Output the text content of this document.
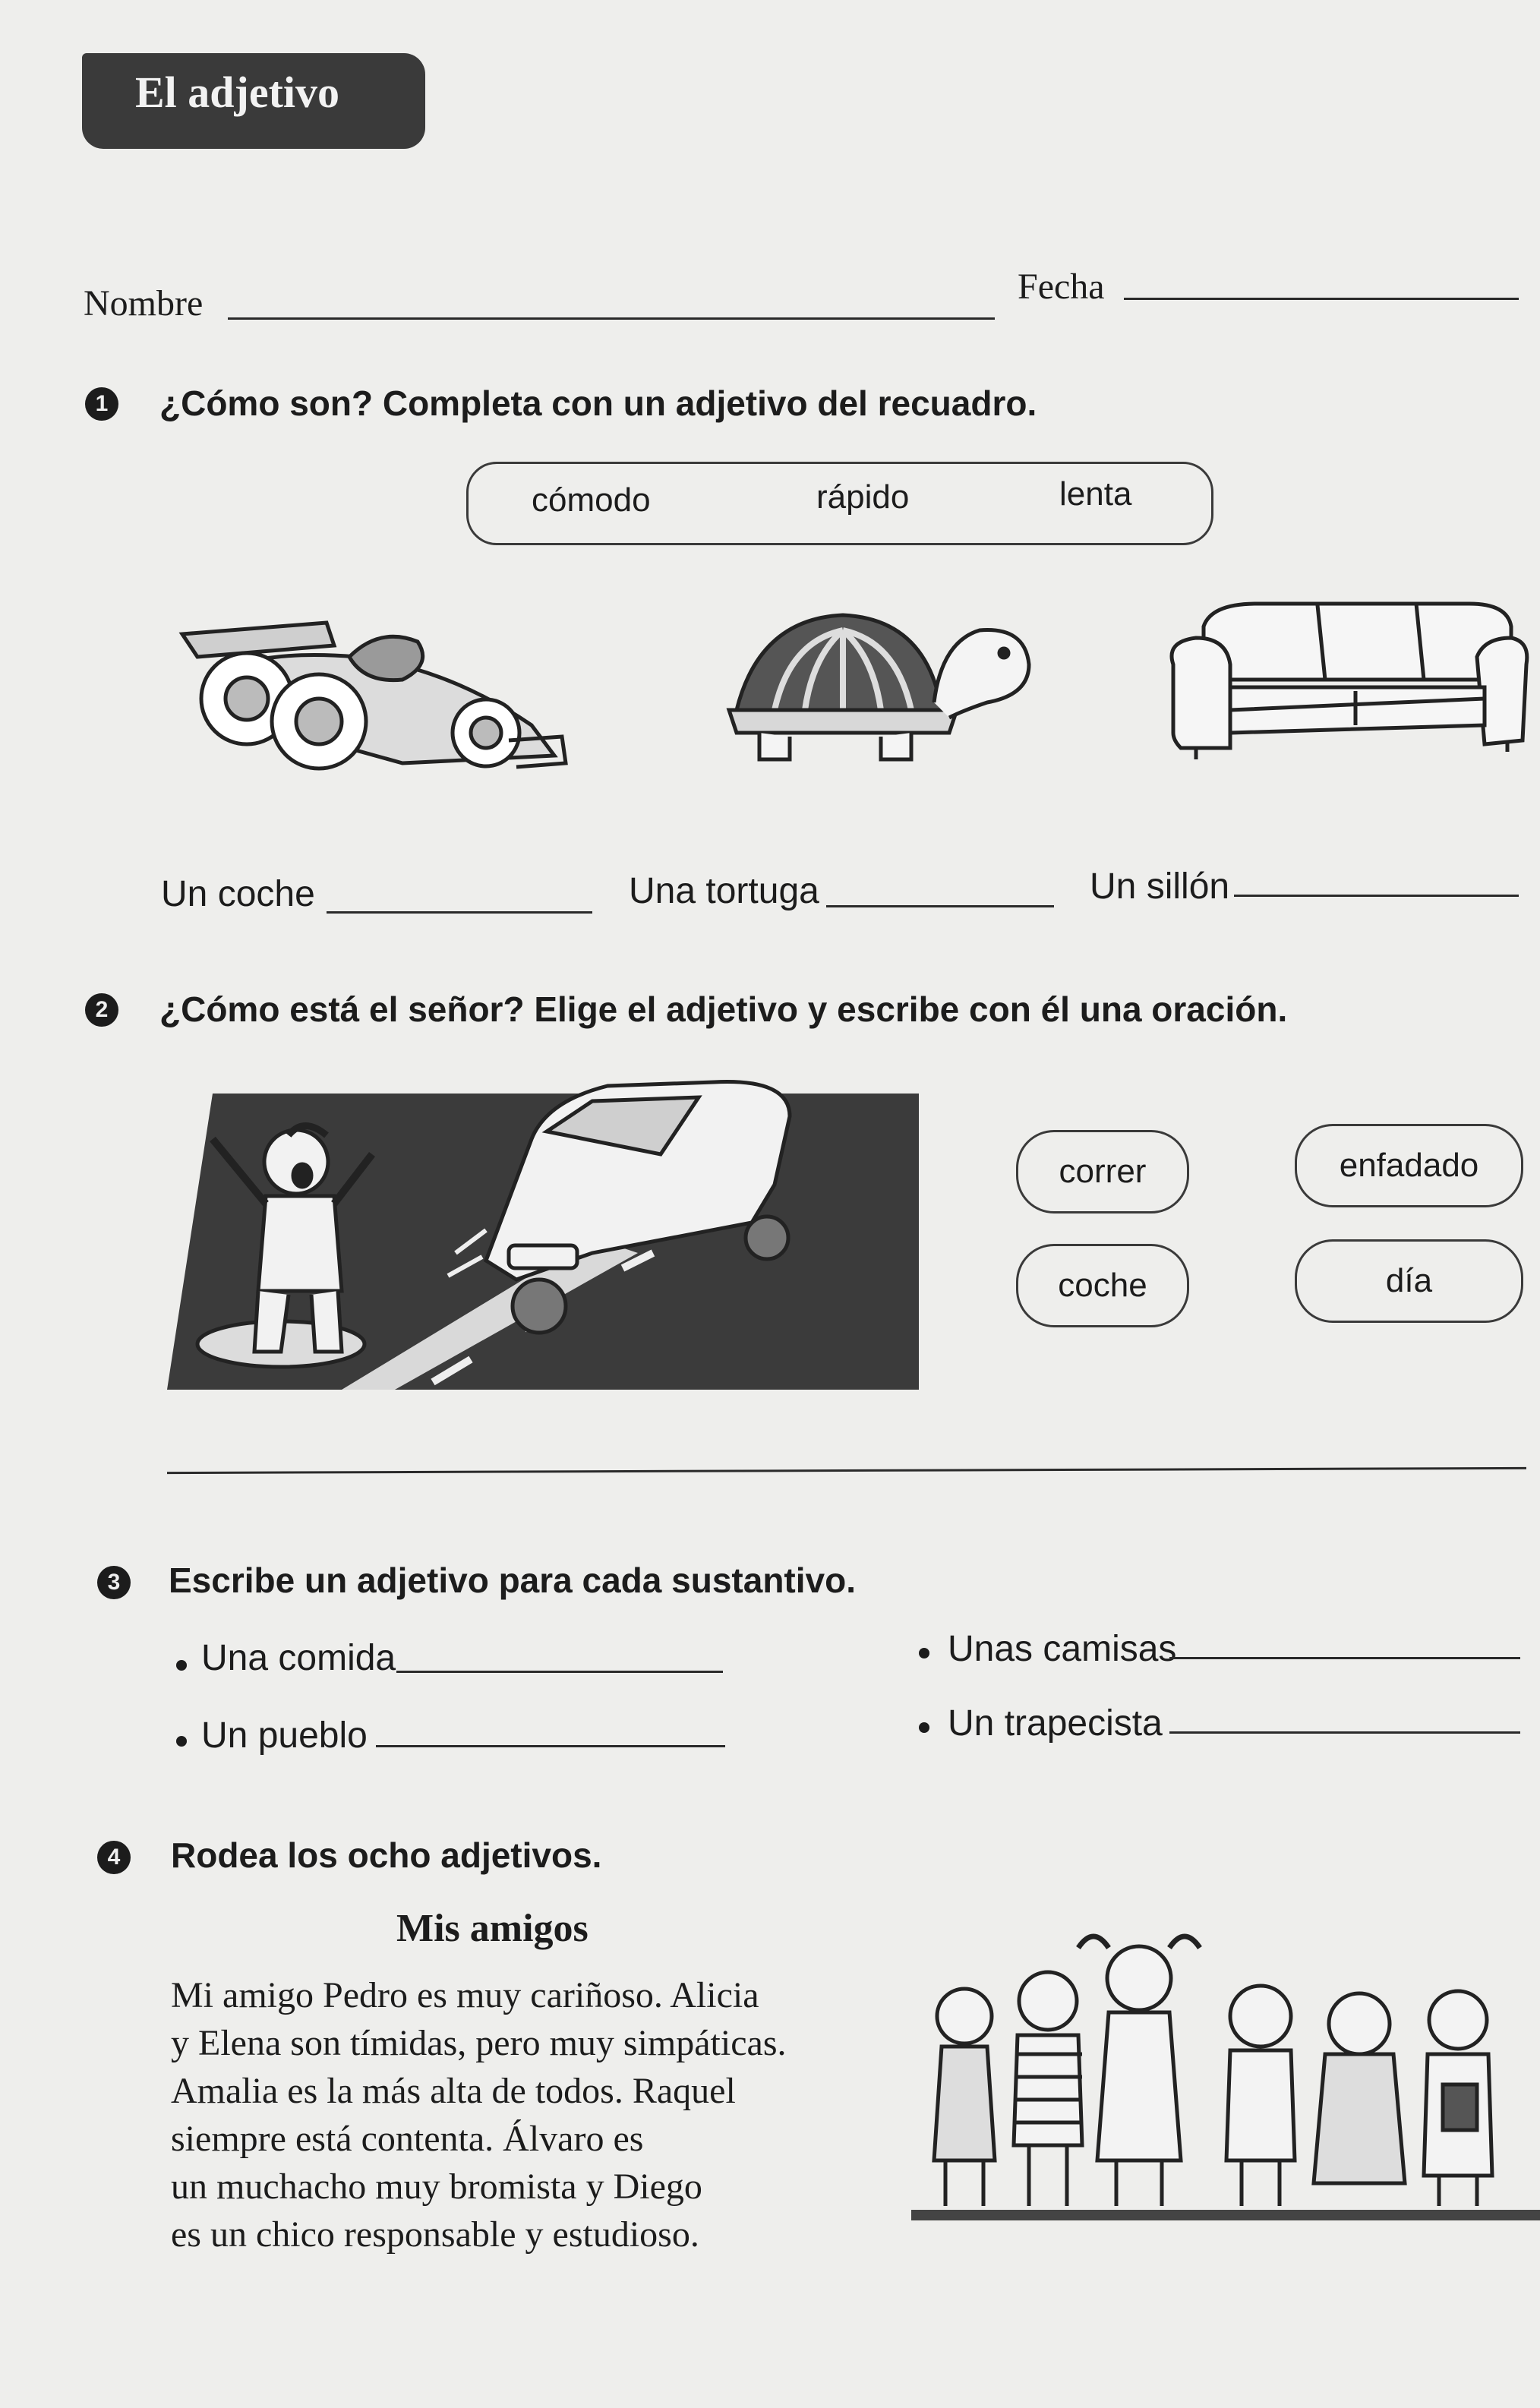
El adjetivo
Nombre	Fecha
1 ¿Cómo son? Completa con un adjetivo del recuadro.
cómodo	rápido	lenta
Un coche	Una tortuga	Un sillón
2 ¿Cómo está el señor? Elige el adjetivo y escribe con él una oración.
correr	enfadado
coche	día
3 Escribe un adjetivo para cada sustantivo.
Una comida	Unas camisas
Un pueblo	Un trapecista
4 Rodea los ocho adjetivos.
Mis amigos
Mi amigo Pedro es muy cariñoso. Alicia
y Elena son tímidas, pero muy simpáticas.
Amalia es la más alta de todos. Raquel
siempre está contenta. Álvaro es
un muchacho muy bromista y Diego
es un chico responsable y estudioso.
